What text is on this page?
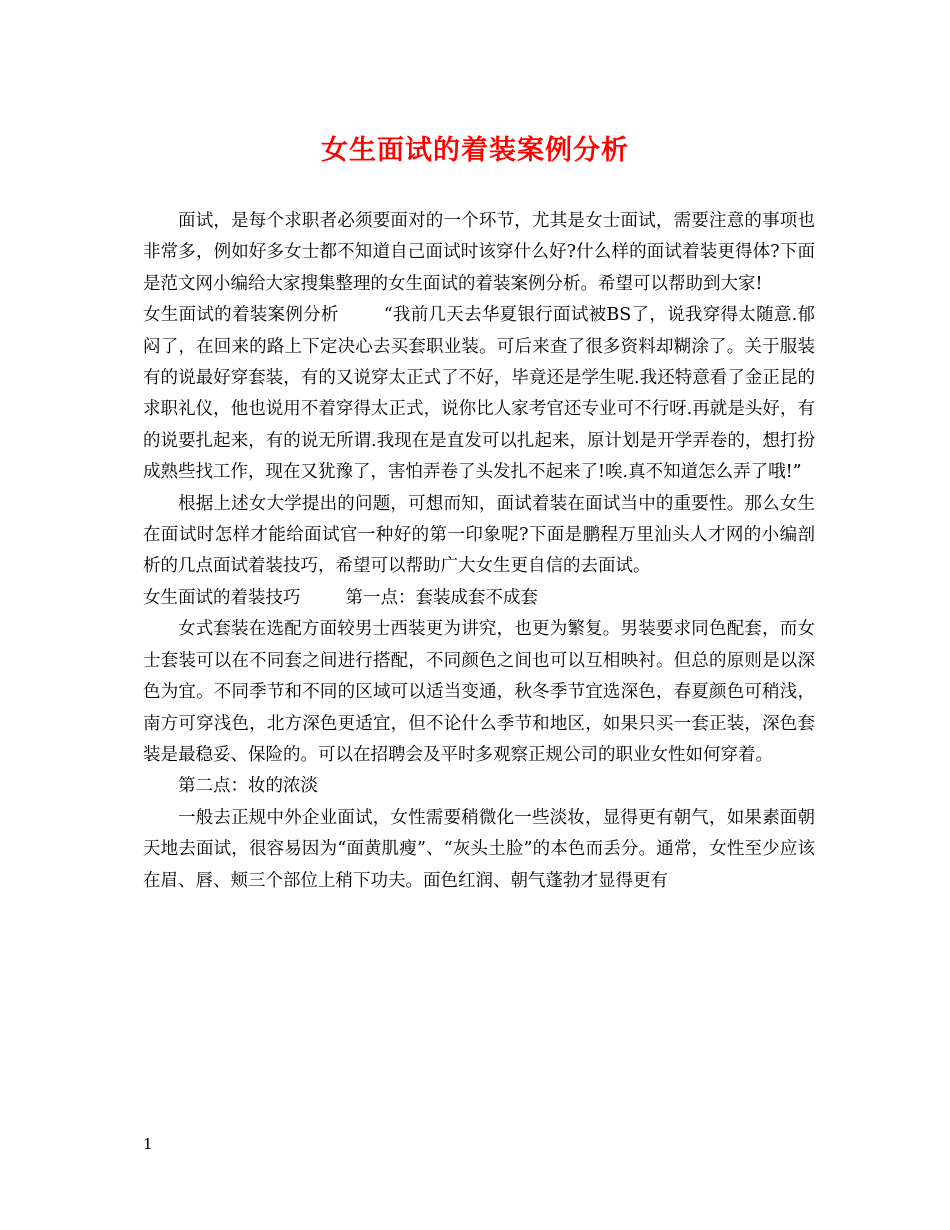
女生面试的着装案例分析

面试，是每个求职者必须要面对的一个环节，尤其是女士面试，需要注意的事项也非常多，例如好多女士都不知道自己面试时该穿什么好?什么样的面试着装更得体?下面是范文网小编给大家搜集整理的女生面试的着装案例分析。希望可以帮助到大家!

女生面试的着装案例分析	“我前几天去华夏银行面试被BS了，说我穿得太随意.郁闷了，在回来的路上下定决心去买套职业装。可后来查了很多资料却糊涂了。关于服装有的说最好穿套装，有的又说穿太正式了不好，毕竟还是学生呢.我还特意看了金正昆的求职礼仪，他也说用不着穿得太正式，说你比人家考官还专业可不行呀.再就是头好，有的说要扎起来，有的说无所谓.我现在是直发可以扎起来，原计划是开学弄卷的，想打扮成熟些找工作，现在又犹豫了，害怕弄卷了头发扎不起来了!唉.真不知道怎么弄了哦!”

根据上述女大学提出的问题，可想而知，面试着装在面试当中的重要性。那么女生在面试时怎样才能给面试官一种好的第一印象呢?下面是鹏程万里汕头人才网的小编剖析的几点面试着装技巧，希望可以帮助广大女生更自信的去面试。

女生面试的着装技巧	第一点：套装成套不成套

女式套装在选配方面较男士西装更为讲究，也更为繁复。男装要求同色配套，而女士套装可以在不同套之间进行搭配，不同颜色之间也可以互相映衬。但总的原则是以深色为宜。不同季节和不同的区域可以适当变通，秋冬季节宜选深色，春夏颜色可稍浅，南方可穿浅色，北方深色更适宜，但不论什么季节和地区，如果只买一套正装，深色套装是最稳妥、保险的。可以在招聘会及平时多观察正规公司的职业女性如何穿着。

第二点：妆的浓淡

一般去正规中外企业面试，女性需要稍微化一些淡妆，显得更有朝气，如果素面朝天地去面试，很容易因为“面黄肌瘦”、“灰头土脸”的本色而丢分。通常，女性至少应该在眉、唇、颊三个部位上稍下功夫。面色红润、朝气蓬勃才显得更有

1
